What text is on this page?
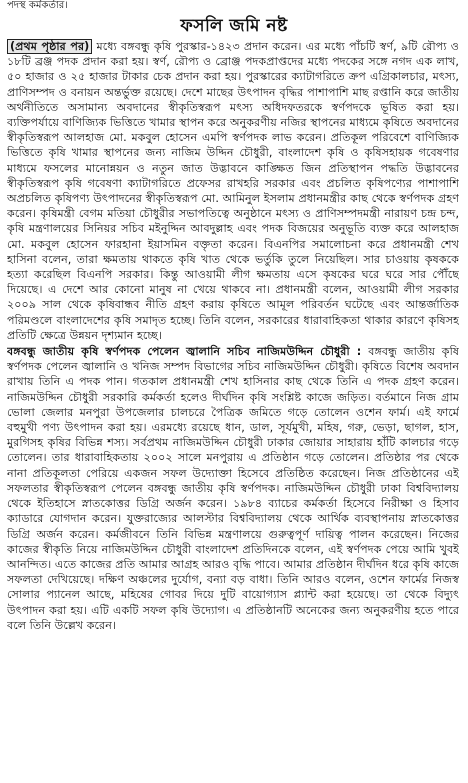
পদস্থ কর্মকর্তার।
ফসলি জমি নষ্ট

(প্রথম পৃষ্ঠার পর) মধ্যে বঙ্গবন্ধু কৃষি পুরস্কার-১৪২৩ প্রদান করেন। এর মধ্যে পাঁচটি স্বর্ণ, ৯টি রৌপ্য ও ১৮টি ব্রঞ্জ পদক প্রদান করা হয়। স্বর্ণ, রৌপ্য ও ব্রোঞ্জ পদকপ্রাপ্তদের মধ্যে পদকের সঙ্গে নগদ এক লাখ, ৫০ হাজার ও ২৫ হাজার টাকার চেক প্রদান করা হয়। পুরস্কারের ক্যাটাগরিতে ক্রপ এগ্রিকালচার, মৎস্য, প্রাণিসম্পদ ও বনায়ন অন্তর্ভুক্ত রয়েছে। দেশে মাছের উৎপাদন বৃদ্ধির পাশাপাশি মাছ রপ্তানি করে জাতীয় অর্থনীতিতে অসামান্য অবদানের স্বীকৃতিস্বরূপ মৎস্য অধিদফতরকে স্বর্ণপদকে ভূষিত করা হয়। ব্যক্তিপর্যায়ে বাণিজ্যিক ভিত্তিতে খামার স্থাপন করে অনুকরণীয় নজির স্থাপনের মাধ্যমে কৃষিতে অবদানের স্বীকৃতিস্বরূপ আলহাজ মো. মকবুল হোসেন এমপি স্বর্ণপদক লাভ করেন। প্রতিকূল পরিবেশে বাণিজ্যিক ভিত্তিতে কৃষি খামার স্থাপনের জন্য নাজিম উদ্দিন চৌধুরী, বাংলাদেশ কৃষি ও কৃষিসহায়ক গবেষণার মাধ্যমে ফসলের মানোন্নয়ন ও নতুন জাত উদ্ভাবনে কাঙ্ক্ষিত জিন প্রতিস্থাপন পদ্ধতি উদ্ভাবনের স্বীকৃতিস্বরূপ কৃষি গবেষণা ক্যাটাগরিতে প্রফেসর রাখহরি সরকার এবং প্রচলিত কৃষিপণ্যের পাশাপাশি অপ্রচলিত কৃষিপণ্য উৎপাদনের স্বীকৃতিস্বরূপ মো. আমিনুল ইসলাম প্রধানমন্ত্রীর কাছ থেকে স্বর্ণপদক গ্রহণ করেন। কৃষিমন্ত্রী বেগম মতিয়া চৌধুরীর সভাপতিত্বে অনুষ্ঠানে মৎস্য ও প্রাণিসম্পদমন্ত্রী নারায়ণ চন্দ্র চন্দ, কৃষি মন্ত্রণালয়ের সিনিয়র সচিব মইনুদ্দিন আবদুল্লাহ এবং পদক বিজয়ের অনুভূতি ব্যক্ত করে আলহাজ মো. মকবুল হোসেন ফারহানা ইয়াসমিন বক্তৃতা করেন। বিএনপির সমালোচনা করে প্রধানমন্ত্রী শেখ হাসিনা বলেন, তারা ক্ষমতায় থাকতে কৃষি খাত থেকে ভর্তুকি তুলে নিয়েছিল। সার চাওয়ায় কৃষককে হত্যা করেছিল বিএনপি সরকার। কিন্তু আওয়ামী লীগ ক্ষমতায় এসে কৃষকের ঘরে ঘরে সার পৌঁছে দিয়েছে। এ দেশে আর কোনো মানুষ না খেয়ে থাকবে না। প্রধানমন্ত্রী বলেন, আওয়ামী লীগ সরকার ২০০৯ সাল থেকে কৃষিবান্ধব নীতি গ্রহণ করায় কৃষিতে আমূল পরিবর্তন ঘটেছে এবং আন্তর্জাতিক পরিমণ্ডলে বাংলাদেশের কৃষি সমাদৃত হচ্ছে। তিনি বলেন, সরকারের ধারাবাহিকতা থাকার কারণে কৃষিসহ প্রতিটি ক্ষেত্রে উন্নয়ন দৃশ্যমান হচ্ছে।

বঙ্গবন্ধু জাতীয় কৃষি স্বর্ণপদক পেলেন জ্বালানি সচিব নাজিমউদ্দিন চৌধুরী : বঙ্গবন্ধু জাতীয় কৃষি স্বর্ণপদক পেলেন জ্বালানি ও খনিজ সম্পদ বিভাগের সচিব নাজিমউদ্দিন চৌধুরী। কৃষিতে বিশেষ অবদান রাখায় তিনি এ পদক পান। গতকাল প্রধানমন্ত্রী শেখ হাসিনার কাছ থেকে তিনি এ পদক গ্রহণ করেন। নাজিমউদ্দিন চৌধুরী সরকারি কর্মকর্তা হলেও দীর্ঘদিন কৃষি সংশ্লিষ্ট কাজে জড়িত। বর্তমানে নিজ গ্রাম ভোলা জেলার মনপুরা উপজেলার চালচরে পৈত্রিক জমিতে গড়ে তোলেন ওশেন ফার্ম। এই ফার্মে বহুমুখী পণ্য উৎপাদন করা হয়। এরমধ্যে রয়েছে ধান, ডাল, সূর্যমুখী, মহিষ, গরু, ভেড়া, ছাগল, হাস, মুরগিসহ কৃষির বিভিন্ন শস্য। সর্বপ্রথম নাজিমউদ্দিন চৌধুরী ঢাকার জোয়ার সাহারায় হাঁটি কালচার গড়ে তোলেন। তার ধারাবাহিকতায় ২০০২ সালে মনপুরায় এ প্রতিষ্ঠান গড়ে তোলেন। প্রতিষ্ঠার পর থেকে নানা প্রতিকূলতা পেরিয়ে একজন সফল উদ্যোক্তা হিসেবে প্রতিষ্ঠিত করেছেন। নিজ প্রতিষ্ঠানের এই সফলতার স্বীকৃতিস্বরূপ পেলেন বঙ্গবন্ধু জাতীয় কৃষি স্বর্ণপদক। নাজিমউদ্দিন চৌধুরী ঢাকা বিশ্ববিদ্যালয় থেকে ইতিহাসে স্নাতকোত্তর ডিগ্রি অর্জন করেন। ১৯৮৪ ব্যাচের কর্মকর্তা হিসেবে নিরীক্ষা ও হিসাব ক্যাডারে যোগদান করেন। যুক্তরাজ্যের আলস্টার বিশ্ববিদ্যালয় থেকে আর্থিক ব্যবস্থাপনায় স্নাতকোত্তর ডিগ্রি অর্জন করেন। কর্মজীবনে তিনি বিভিন্ন মন্ত্রণালয়ে গুরুত্বপূর্ণ দায়িত্ব পালন করেছেন। নিজের কাজের স্বীকৃতি নিয়ে নাজিমউদ্দিন চৌধুরী বাংলাদেশ প্রতিদিনকে বলেন, এই স্বর্ণপদক পেয়ে আমি খুবই আনন্দিত। এতে কাজের প্রতি আমার আগ্রহ আরও বৃদ্ধি পাবে। আমার প্রতিষ্ঠান দীর্ঘদিন ধরে কৃষি কাজে সফলতা দেখিয়েছে। দক্ষিণ অঞ্চলের দুর্যোগ, বন্যা বড় বাধা। তিনি আরও বলেন, ওশেন ফার্মের নিজস্ব সোলার প্যানেল আছে, মহিষের গোবর দিয়ে দুটি বায়োগ্যাস প্ল্যান্ট করা হয়েছে। তা থেকে বিদ্যুৎ উৎপাদন করা হয়। এটি একটি সফল কৃষি উদ্যোগ। এ প্রতিষ্ঠানটি অনেকের জন্য অনুকরণীয় হতে পারে বলে তিনি উল্লেখ করেন।
